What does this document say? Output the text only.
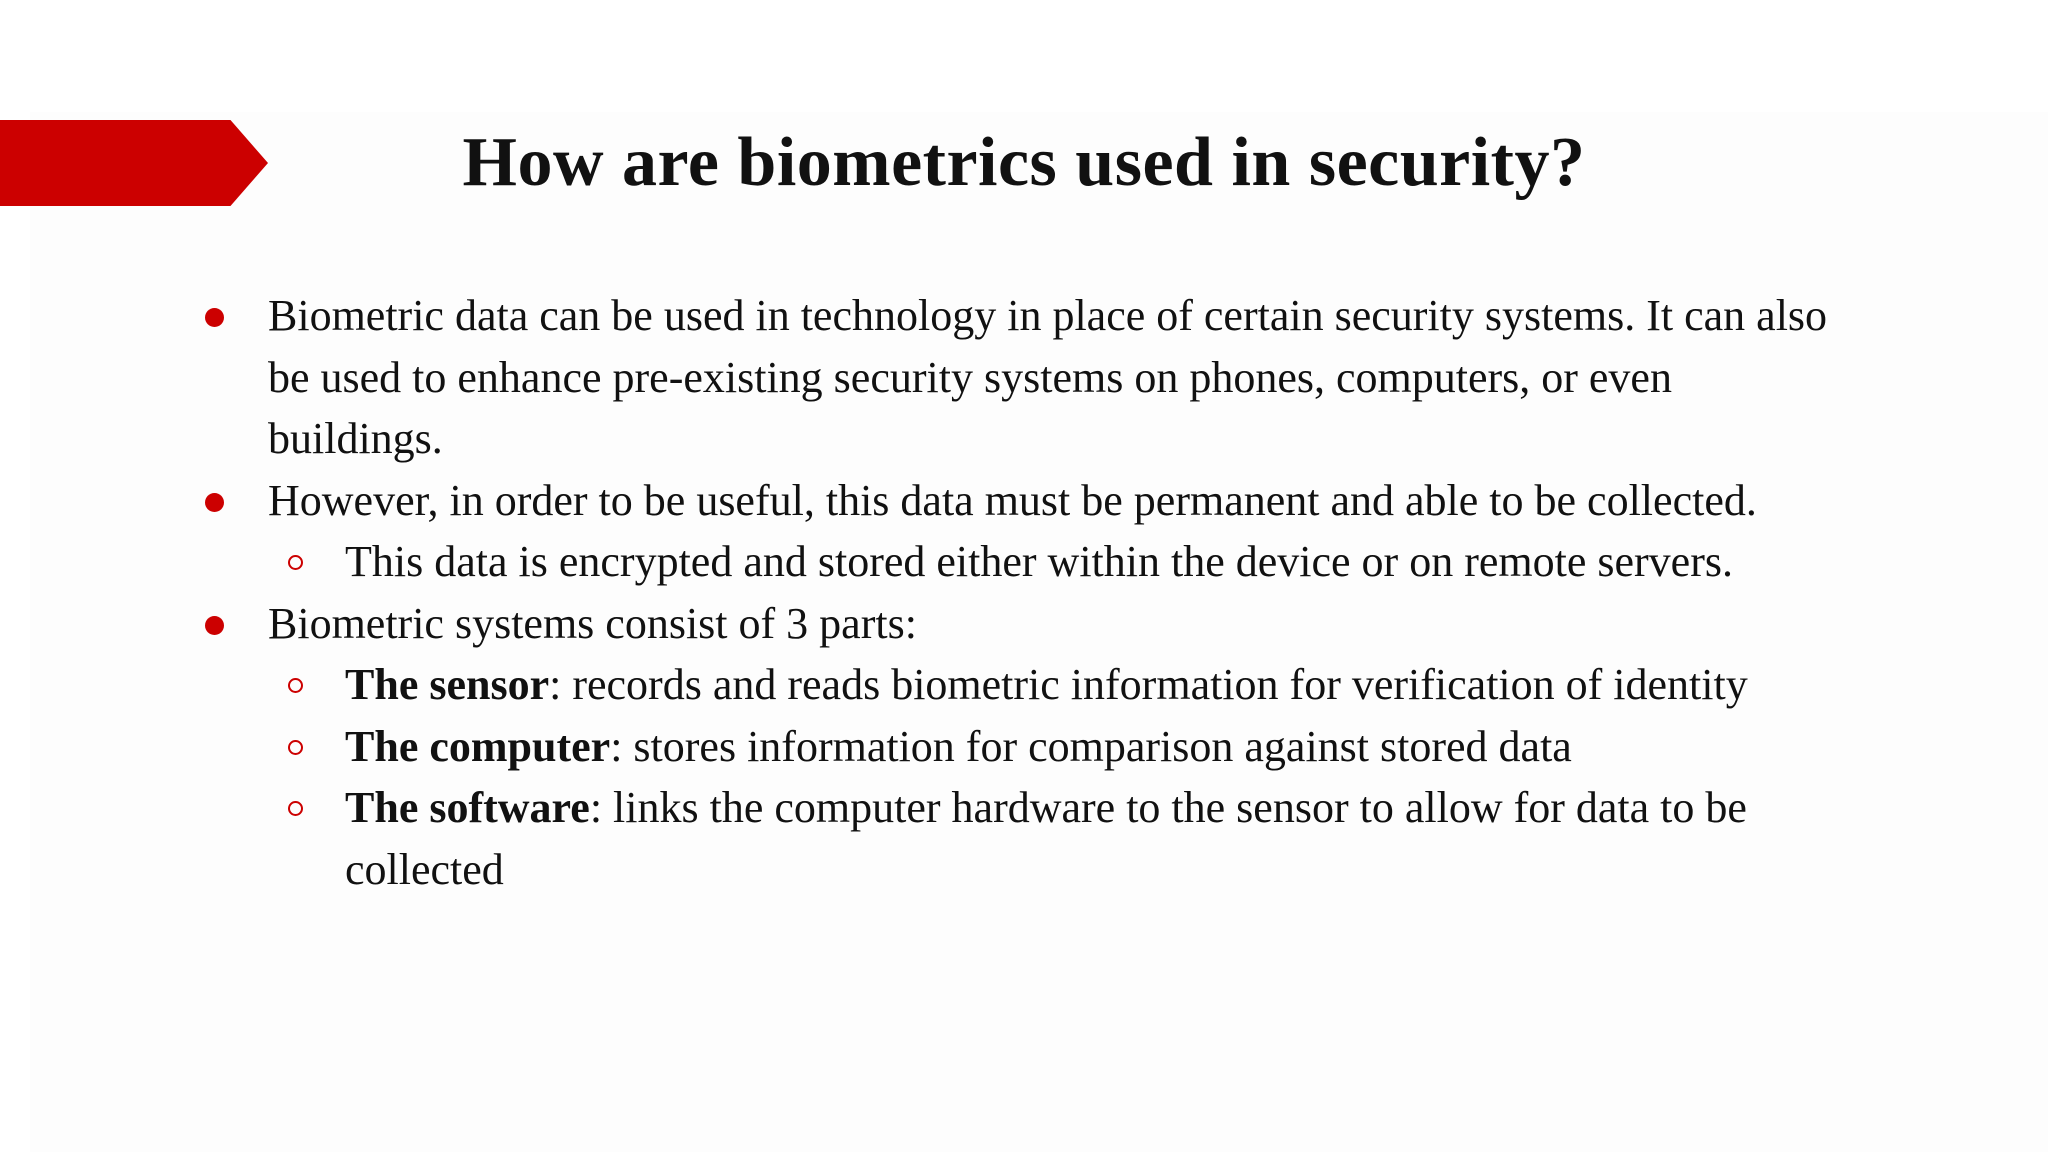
How are biometrics used in security?
Biometric data can be used in technology in place of certain security systems. It can also be used to enhance pre-existing security systems on phones, computers, or even buildings.
However, in order to be useful, this data must be permanent and able to be collected.
This data is encrypted and stored either within the device or on remote servers.
Biometric systems consist of 3 parts:
The sensor: records and reads biometric information for verification of identity
The computer: stores information for comparison against stored data
The software: links the computer hardware to the sensor to allow for data to be collected
